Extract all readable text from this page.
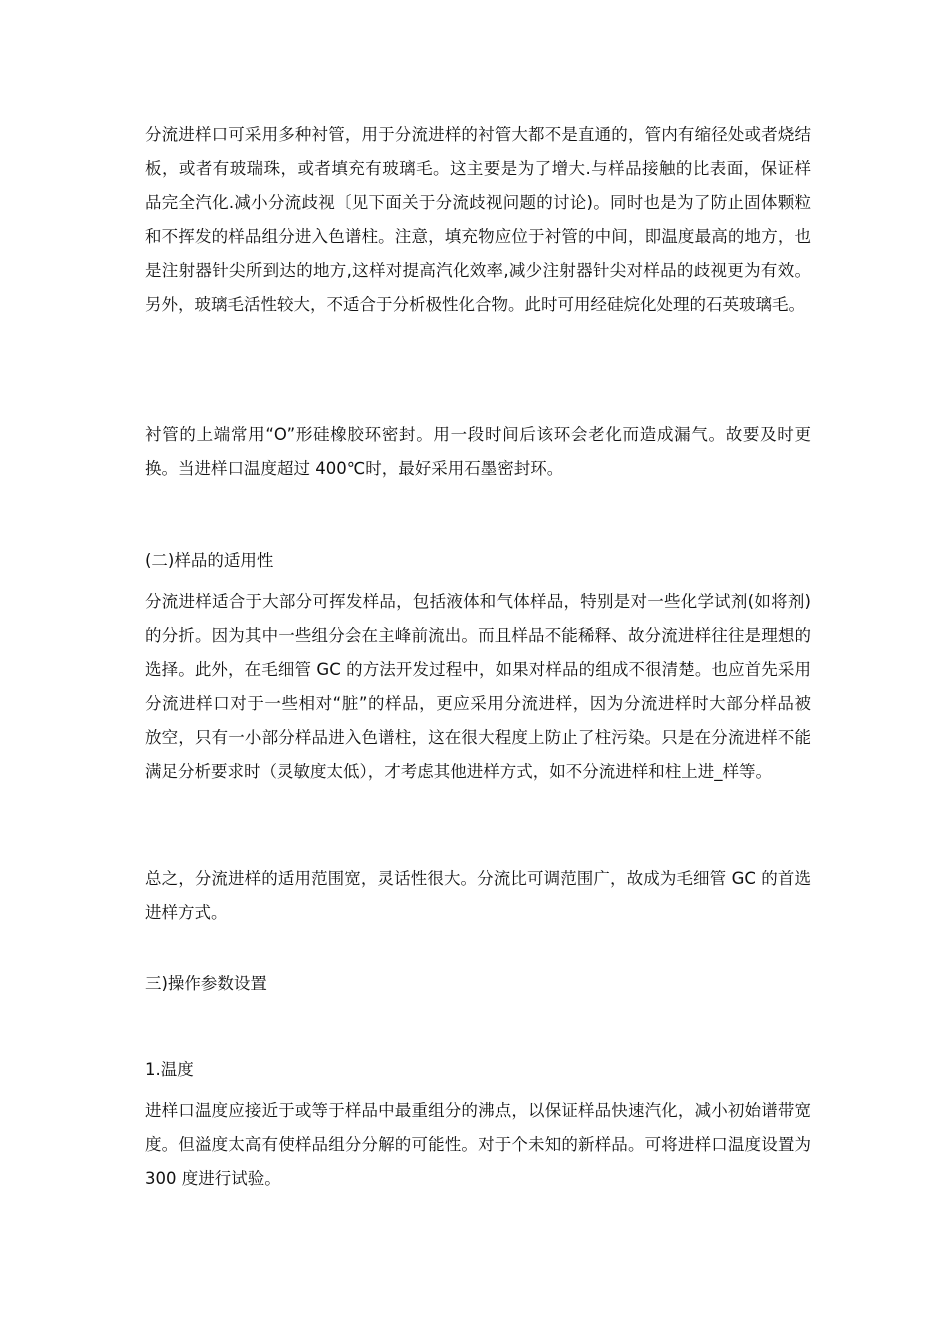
分流进样口可采用多种衬管，用于分流进样的衬管大都不是直通的，管内有缩径处或者烧结
板，或者有玻瑞珠，或者填充有玻璃毛。这主要是为了增大.与样品接触的比表面，保证样
品完全汽化.减小分流歧视〔见下面关于分流歧视问题的讨论)。同时也是为了防止固体颗粒
和不挥发的样品组分进入色谱柱。注意，填充物应位于衬管的中间，即温度最高的地方，也
是注射器针尖所到达的地方,这样对提高汽化效率,减少注射器针尖对样品的歧视更为有效。
另外，玻璃毛活性较大，不适合于分析极性化合物。此时可用经硅烷化处理的石英玻璃毛。
衬管的上端常用“O”形硅橡胶环密封。用一段时间后该环会老化而造成漏气。故要及时更
换。当进样口温度超过 400℃时，最好采用石墨密封环。
(二)样品的适用性
分流进样适合于大部分可挥发样品，包括液体和气体样品，特别是对一些化学试剂(如将剂)
的分折。因为其中一些组分会在主峰前流出。而且样品不能稀释、故分流进样往往是理想的
选择。此外，在毛细管 GC 的方法开发过程中，如果对样品的组成不很清楚。也应首先采用
分流进样口对于一些相对“脏”的样品，更应采用分流进样，因为分流进样时大部分样品被
放空，只有一小部分样品进入色谱柱，这在很大程度上防止了柱污染。只是在分流进样不能
满足分析要求时（灵敏度太低），才考虑其他进样方式，如不分流进样和柱上进_样等。
总之，分流进样的适用范围宽，灵话性很大。分流比可调范围广，故成为毛细管 GC 的首选
进样方式。
三)操作参数设置
1.温度
进样口温度应接近于或等于样品中最重组分的沸点，以保证样品快速汽化，减小初始谱带宽
度。但溢度太高有使样品组分分解的可能性。对于个未知的新样品。可将进样口温度设置为
300 度进行试验。
